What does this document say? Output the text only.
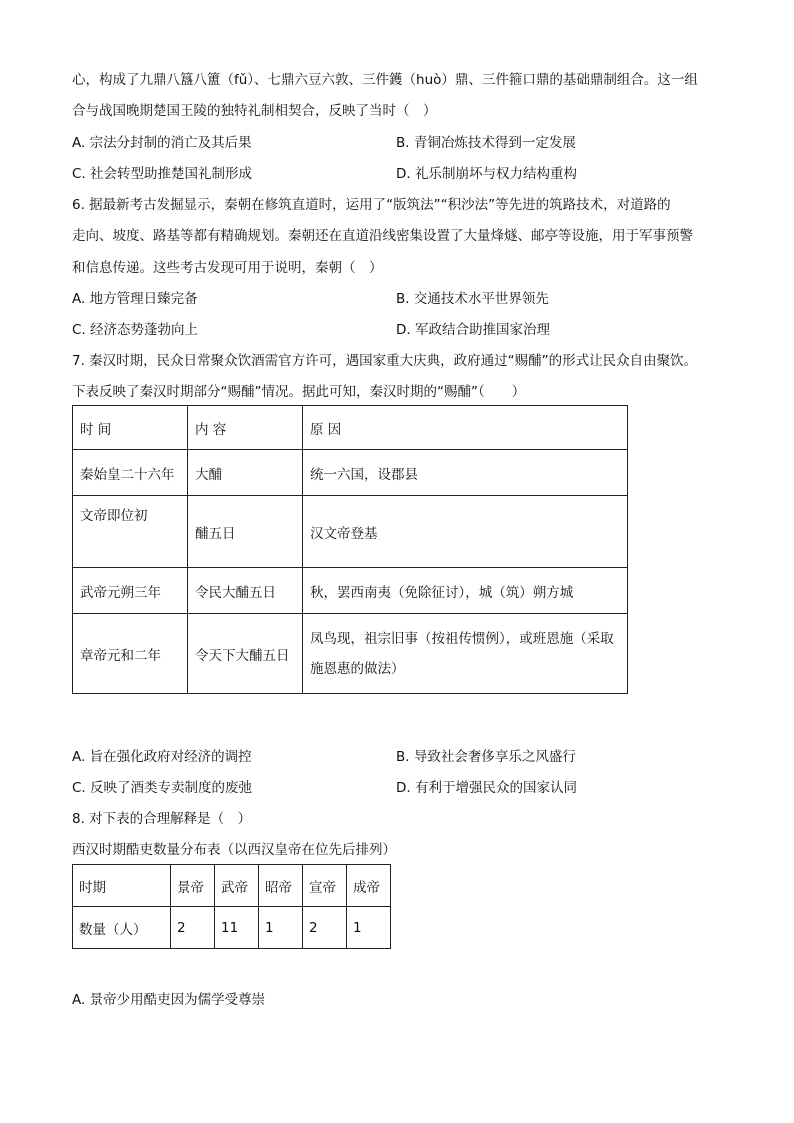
心，构成了九鼎八簋八簠（fǔ）、七鼎六豆六敦、三件鑊（huò）鼎、三件箍口鼎的基础鼎制组合。这一组
合与战国晚期楚国王陵的独特礼制相契合，反映了当时（　）
A. 宗法分封制的消亡及其后果	B. 青铜冶炼技术得到一定发展
C. 社会转型助推楚国礼制形成	D. 礼乐制崩坏与权力结构重构
6. 据最新考古发掘显示，秦朝在修筑直道时，运用了“版筑法”“积沙法”等先进的筑路技术，对道路的
走向、坡度、路基等都有精确规划。秦朝还在直道沿线密集设置了大量烽燧、邮亭等设施，用于军事预警
和信息传递。这些考古发现可用于说明，秦朝（　）
A. 地方管理日臻完备	B. 交通技术水平世界领先
C. 经济态势蓬勃向上	D. 军政结合助推国家治理
7. 秦汉时期，民众日常聚众饮酒需官方许可，遇国家重大庆典，政府通过“赐酺”的形式让民众自由聚饮。
下表反映了秦汉时期部分“赐酺”情况。据此可知，秦汉时期的“赐酺”（　　）
时 间	内 容	原 因
秦始皇二十六年	大酺	统一六国，设郡县
文帝即位初	酺五日	汉文帝登基
武帝元朔三年	令民大酺五日	秋，罢西南夷（免除征讨），城（筑）朔方城
章帝元和二年	令天下大酺五日	凤鸟现，祖宗旧事（按祖传惯例），或班恩施（采取施恩惠的做法）
A. 旨在强化政府对经济的调控	B. 导致社会奢侈享乐之风盛行
C. 反映了酒类专卖制度的废弛	D. 有利于增强民众的国家认同
8. 对下表的合理解释是（　）
西汉时期酷吏数量分布表（以西汉皇帝在位先后排列）
时期	景帝	武帝	昭帝	宣帝	成帝
数量（人）	2	11	1	2	1
A. 景帝少用酷吏因为儒学受尊崇
